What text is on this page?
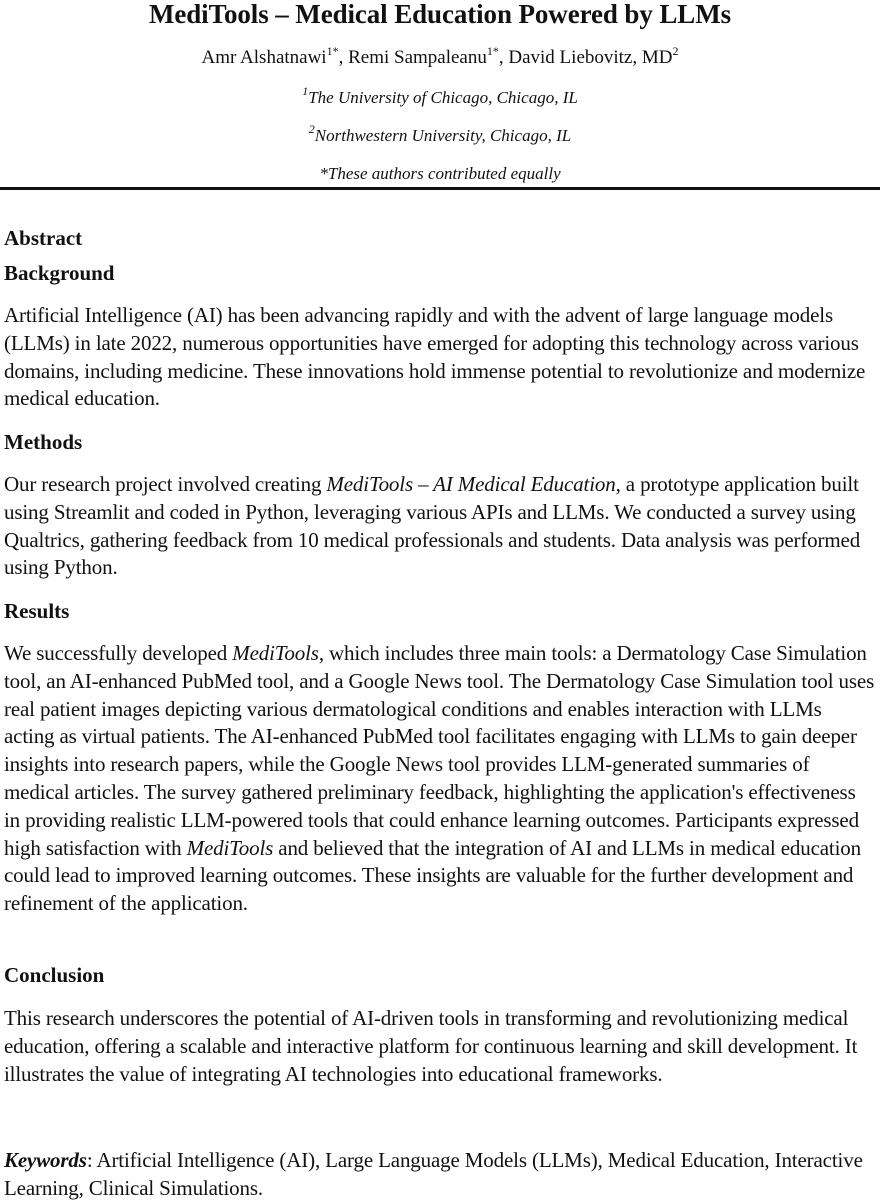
MediTools – Medical Education Powered by LLMs
Amr Alshatnawi$^{1*}$, Remi Sampaleanu$^{1*}$, David Liebovitz, $MD^2$
$^1$The University of Chicago, Chicago, IL
$^2$Northwestern University, Chicago, IL
*These authors contributed equally
Abstract
Background

Artificial Intelligence (AI) has been advancing rapidly and with the advent of large language models (LLMs) in late 2022, numerous opportunities have emerged for adopting this technology across various domains, including medicine. These innovations hold immense potential to revolutionize and modernize medical education.

Methods

Our research project involved creating MediTools – AI Medical Education, a prototype application built using Streamlit and coded in Python, leveraging various APIs and LLMs. We conducted a survey using Qualtrics, gathering feedback from 10 medical professionals and students. Data analysis was performed using Python.

Results

We successfully developed MediTools, which includes three main tools: a Dermatology Case Simulation tool, an AI-enhanced PubMed tool, and a Google News tool. The Dermatology Case Simulation tool uses real patient images depicting various dermatological conditions and enables interaction with LLMs acting as virtual patients. The AI-enhanced PubMed tool facilitates engaging with LLMs to gain deeper insights into research papers, while the Google News tool provides LLM-generated summaries of medical articles. The survey gathered preliminary feedback, highlighting the application's effectiveness in providing realistic LLM-powered tools that could enhance learning outcomes. Participants expressed high satisfaction with MediTools and believed that the integration of AI and LLMs in medical education could lead to improved learning outcomes. These insights are valuable for the further development and refinement of the application.

Conclusion

This research underscores the potential of AI-driven tools in transforming and revolutionizing medical education, offering a scalable and interactive platform for continuous learning and skill development. It illustrates the value of integrating AI technologies into educational frameworks.

Keywords: Artificial Intelligence (AI), Large Language Models (LLMs), Medical Education, Interactive Learning, Clinical Simulations.
